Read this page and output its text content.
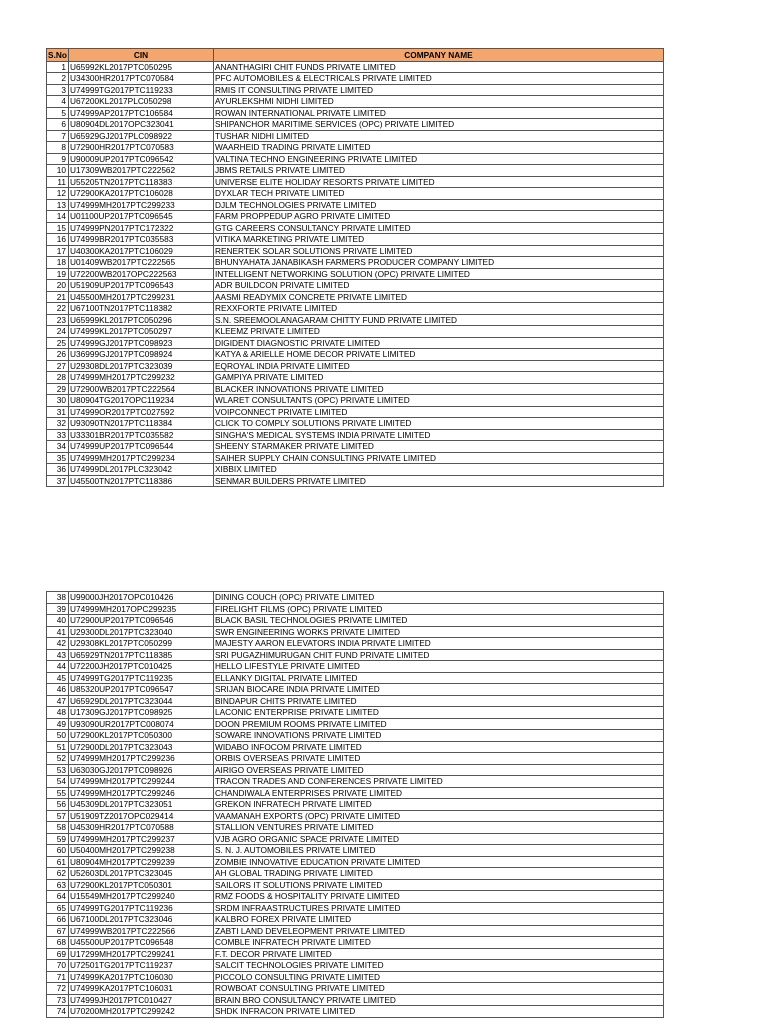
S.No	CIN	COMPANY NAME
1	U65992KL2017PTC050295	ANANTHAGIRI CHIT FUNDS PRIVATE LIMITED
2	U34300HR2017PTC070584	PFC AUTOMOBILES & ELECTRICALS PRIVATE LIMITED
3	U74999TG2017PTC119233	RMIS IT CONSULTING PRIVATE LIMITED
4	U67200KL2017PLC050298	AYURLEKSHMI NIDHI LIMITED
5	U74999AP2017PTC106584	ROWAN INTERNATIONAL PRIVATE LIMITED
6	U80904DL2017OPC323041	SHIPANCHOR MARITIME SERVICES (OPC) PRIVATE LIMITED
7	U65929GJ2017PLC098922	TUSHAR NIDHI LIMITED
8	U72900HR2017PTC070583	WAARHEID TRADING PRIVATE LIMITED
9	U90009UP2017PTC096542	VALTINA TECHNO ENGINEERING PRIVATE LIMITED
10	U17309WB2017PTC222562	JBMS RETAILS PRIVATE LIMITED
11	U55205TN2017PTC118383	UNIVERSE ELITE HOLIDAY RESORTS PRIVATE LIMITED
12	U72900KA2017PTC106028	DYXLAR TECH PRIVATE LIMITED
13	U74999MH2017PTC299233	DJLM TECHNOLOGIES PRIVATE LIMITED
14	U01100UP2017PTC096545	FARM PROPPEDUP AGRO PRIVATE LIMITED
15	U74999PN2017PTC172322	GTG CAREERS CONSULTANCY PRIVATE LIMITED
16	U74999BR2017PTC035583	VITIKA MARKETING PRIVATE LIMITED
17	U40300KA2017PTC106029	RENERTEK SOLAR SOLUTIONS PRIVATE LIMITED
18	U01409WB2017PTC222565	BHUNYAHATA JANABIKASH FARMERS PRODUCER COMPANY LIMITED
19	U72200WB2017OPC222563	INTELLIGENT NETWORKING SOLUTION (OPC) PRIVATE LIMITED
20	U51909UP2017PTC096543	ADR BUILDCON PRIVATE LIMITED
21	U45500MH2017PTC299231	AASMI READYMIX CONCRETE PRIVATE LIMITED
22	U67100TN2017PTC118382	REXXFORTE PRIVATE LIMITED
23	U65999KL2017PTC050296	S.N. SREEMOOLANAGARAM CHITTY FUND PRIVATE LIMITED
24	U74999KL2017PTC050297	KLEEMZ PRIVATE LIMITED
25	U74999GJ2017PTC098923	DIGIDENT DIAGNOSTIC PRIVATE LIMITED
26	U36999GJ2017PTC098924	KATYA & ARIELLE HOME DECOR PRIVATE LIMITED
27	U29308DL2017PTC323039	EQROYAL INDIA PRIVATE LIMITED
28	U74999MH2017PTC299232	GAMPIYA PRIVATE LIMITED
29	U72900WB2017PTC222564	BLACKER INNOVATIONS PRIVATE LIMITED
30	U80904TG2017OPC119234	WLARET CONSULTANTS (OPC) PRIVATE LIMITED
31	U74999OR2017PTC027592	VOIPCONNECT PRIVATE LIMITED
32	U93090TN2017PTC118384	CLICK TO COMPLY SOLUTIONS PRIVATE LIMITED
33	U33301BR2017PTC035582	SINGHA'S MEDICAL SYSTEMS INDIA PRIVATE LIMITED
34	U74999UP2017PTC096544	SHEENY STARMAKER PRIVATE LIMITED
35	U74999MH2017PTC299234	SAIHER SUPPLY CHAIN CONSULTING PRIVATE LIMITED
36	U74999DL2017PLC323042	XIBBIX LIMITED
37	U45500TN2017PTC118386	SENMAR BUILDERS PRIVATE LIMITED
38	U99000JH2017OPC010426	DINING COUCH (OPC) PRIVATE LIMITED
39	U74999MH2017OPC299235	FIRELIGHT FILMS (OPC) PRIVATE LIMITED
40	U72900UP2017PTC096546	BLACK BASIL TECHNOLOGIES PRIVATE LIMITED
41	U29300DL2017PTC323040	SWR ENGINEERING WORKS PRIVATE LIMITED
42	U29308KL2017PTC050299	MAJESTY AARON ELEVATORS INDIA PRIVATE LIMITED
43	U65929TN2017PTC118385	SRI PUGAZHIMURUGAN CHIT FUND PRIVATE LIMITED
44	U72200JH2017PTC010425	HELLO LIFESTYLE PRIVATE LIMITED
45	U74999TG2017PTC119235	ELLANKY DIGITAL PRIVATE LIMITED
46	U85320UP2017PTC096547	SRIJAN BIOCARE INDIA PRIVATE LIMITED
47	U65929DL2017PTC323044	BINDAPUR CHITS PRIVATE LIMITED
48	U17309GJ2017PTC098925	LACONIC ENTERPRISE PRIVATE LIMITED
49	U93090UR2017PTC008074	DOON PREMIUM ROOMS PRIVATE LIMITED
50	U72900KL2017PTC050300	SOWARE INNOVATIONS PRIVATE LIMITED
51	U72900DL2017PTC323043	WIDABO INFOCOM PRIVATE LIMITED
52	U74999MH2017PTC299236	ORBIS OVERSEAS PRIVATE LIMITED
53	U63030GJ2017PTC098926	AIRIGO OVERSEAS PRIVATE LIMITED
54	U74999MH2017PTC299244	TRACON TRADES AND CONFERENCES PRIVATE LIMITED
55	U74999MH2017PTC299246	CHANDIWALA ENTERPRISES PRIVATE LIMITED
56	U45309DL2017PTC323051	GREKON INFRATECH PRIVATE LIMITED
57	U51909TZ2017OPC029414	VAAMANAH EXPORTS (OPC) PRIVATE LIMITED
58	U45309HR2017PTC070588	STALLION VENTURES PRIVATE LIMITED
59	U74999MH2017PTC299237	VJB AGRO ORGANIC SPACE PRIVATE LIMITED
60	U50400MH2017PTC299238	S. N. J. AUTOMOBILES PRIVATE LIMITED
61	U80904MH2017PTC299239	ZOMBIE INNOVATIVE EDUCATION PRIVATE LIMITED
62	U52603DL2017PTC323045	AH GLOBAL TRADING PRIVATE LIMITED
63	U72900KL2017PTC050301	SAILORS IT SOLUTIONS PRIVATE LIMITED
64	U15549MH2017PTC299240	RMZ FOODS & HOSPITALITY PRIVATE LIMITED
65	U74999TG2017PTC119236	SRDM INFRAASTRUCTURES PRIVATE LIMITED
66	U67100DL2017PTC323046	KALBRO FOREX PRIVATE LIMITED
67	U74999WB2017PTC222566	ZABTI LAND DEVELEOPMENT PRIVATE LIMITED
68	U45500UP2017PTC096548	COMBLE INFRATECH PRIVATE LIMITED
69	U17299MH2017PTC299241	F.T. DECOR PRIVATE LIMITED
70	U72501TG2017PTC119237	SALCIT TECHNOLOGIES PRIVATE LIMITED
71	U74999KA2017PTC106030	PICCOLO CONSULTING PRIVATE LIMITED
72	U74999KA2017PTC106031	ROWBOAT CONSULTING PRIVATE LIMITED
73	U74999JH2017PTC010427	BRAIN BRO CONSULTANCY PRIVATE LIMITED
74	U70200MH2017PTC299242	SHDK INFRACON PRIVATE LIMITED
